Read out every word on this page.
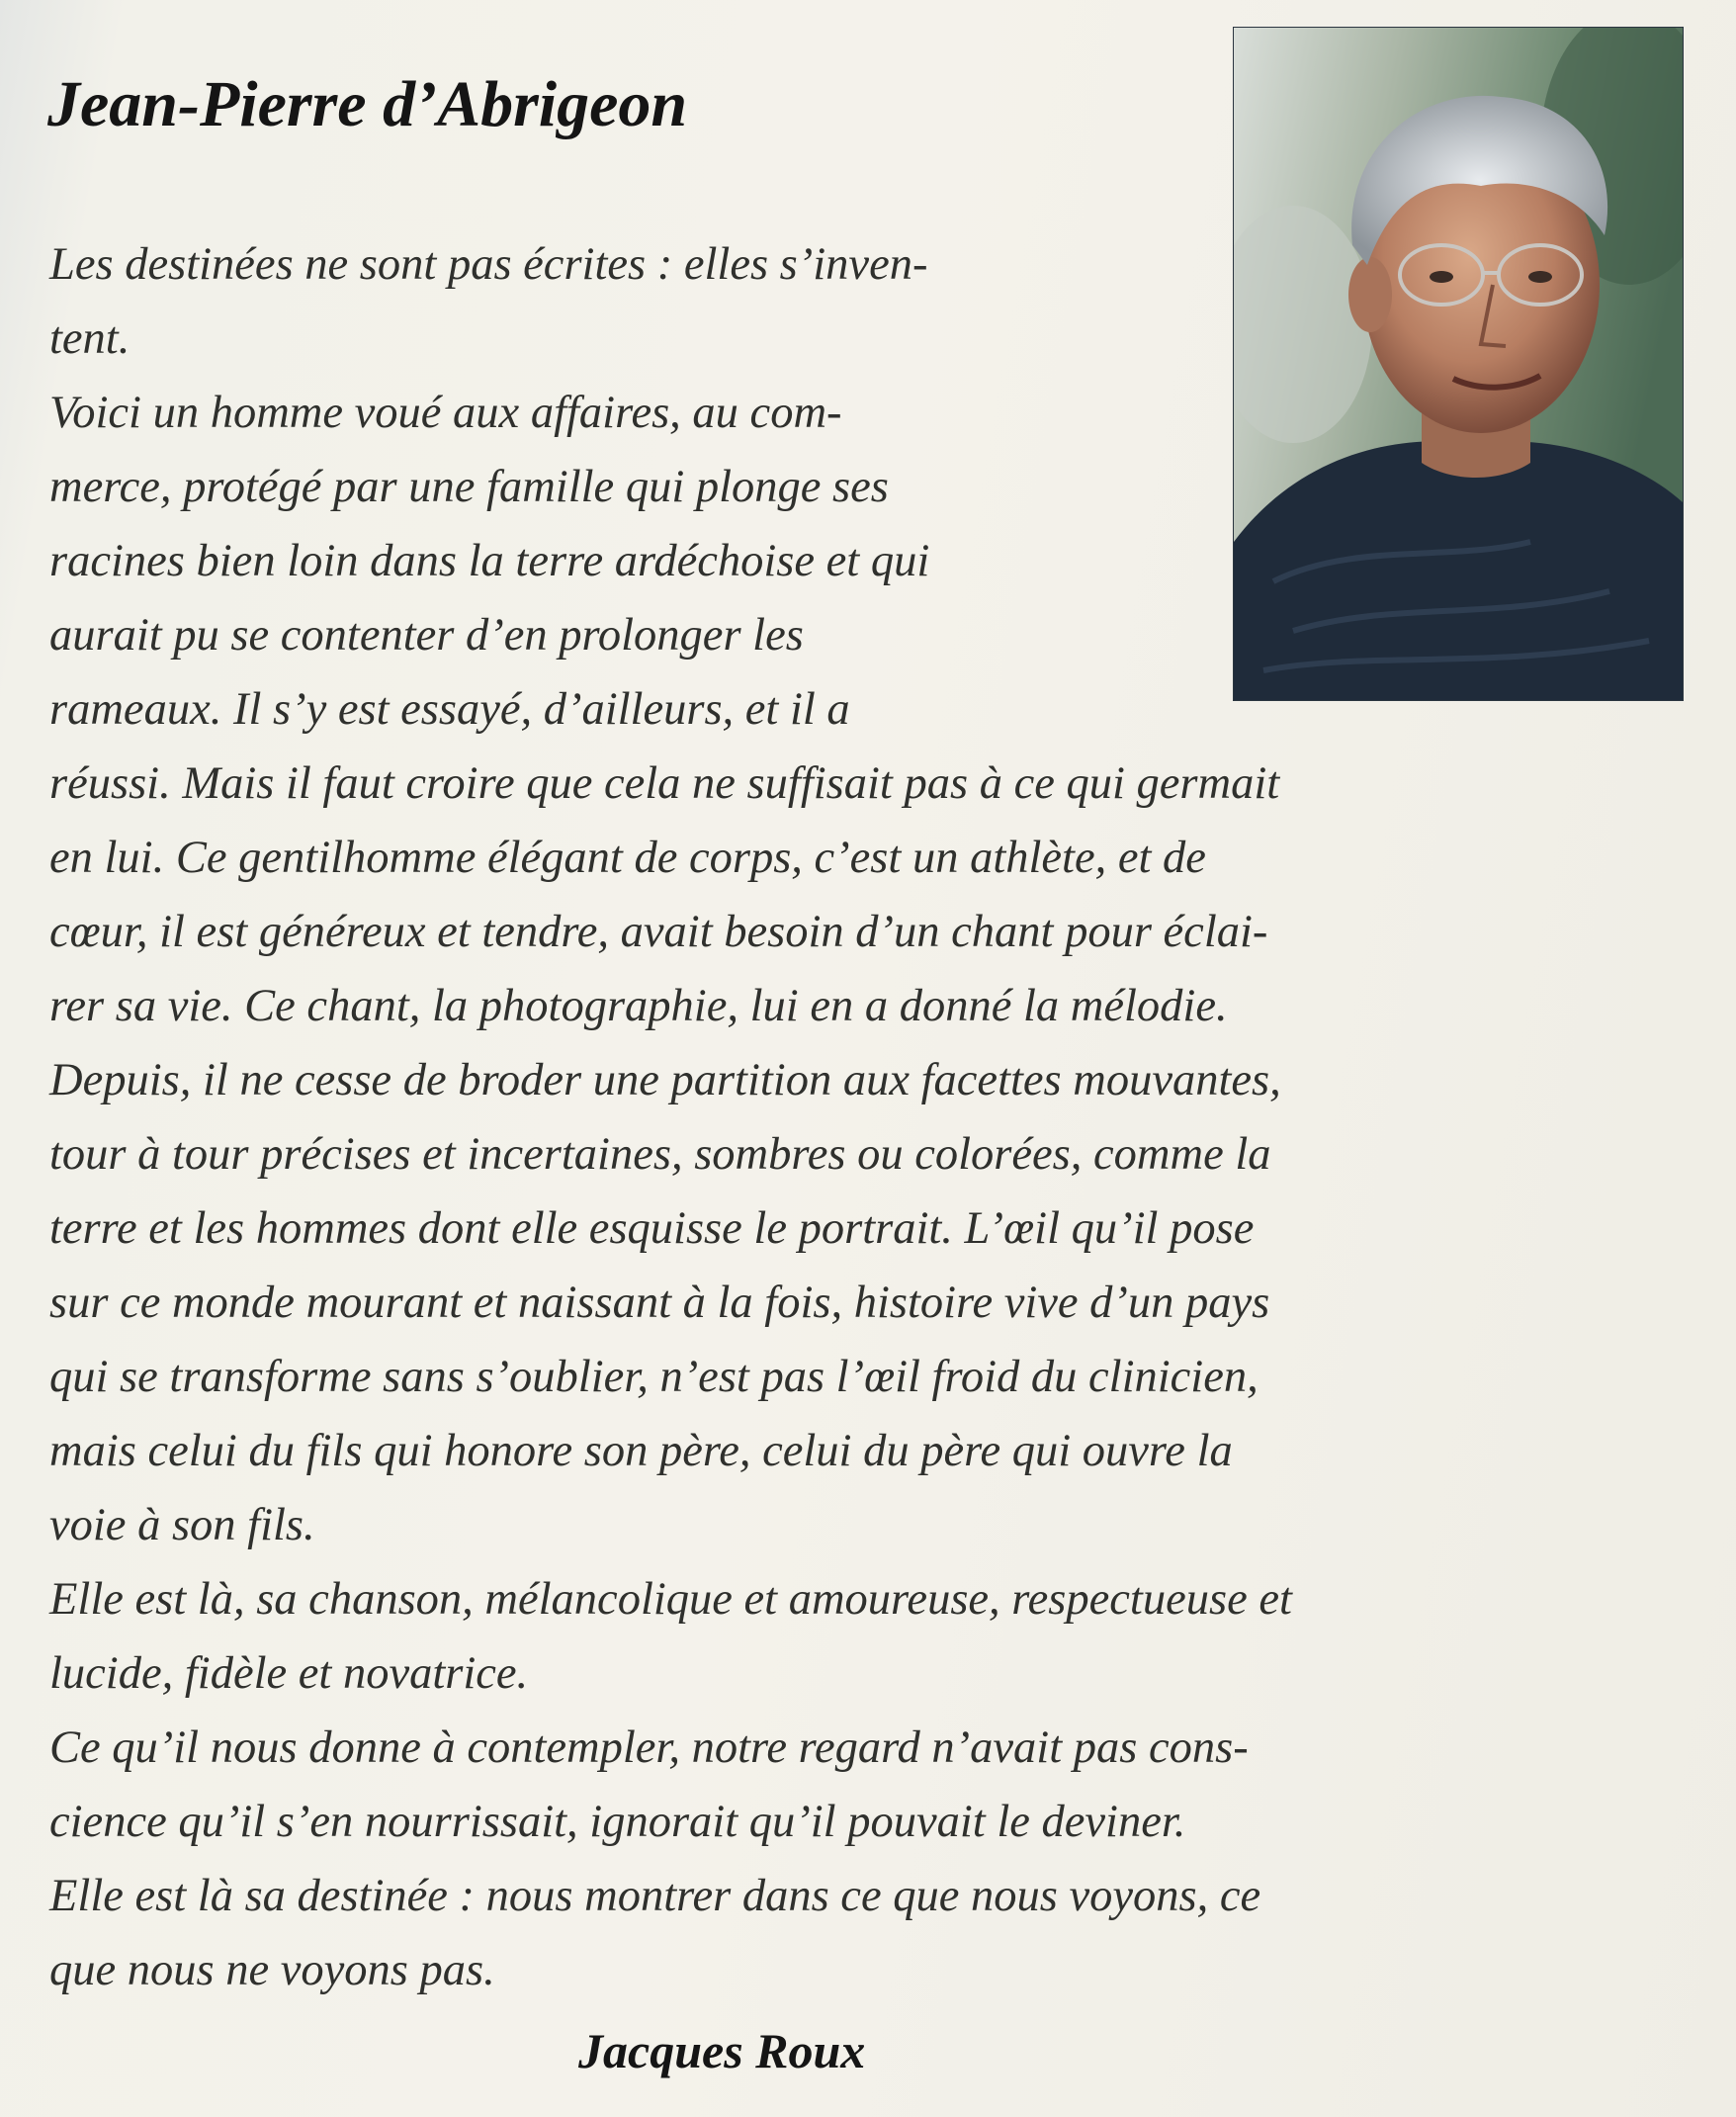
Jean-Pierre d’Abrigeon
Les destinées ne sont pas écrites : elles s’inven-
tent.
Voici un homme voué aux affaires, au com-
merce, protégé par une famille qui plonge ses
racines bien loin dans la terre ardéchoise et qui
aurait pu se contenter d’en prolonger les
rameaux. Il s’y est essayé, d’ailleurs, et il a
réussi. Mais il faut croire que cela ne suffisait pas à ce qui germait
en lui. Ce gentilhomme élégant de corps, c’est un athlète, et de
cœur, il est généreux et tendre, avait besoin d’un chant pour éclai-
rer sa vie. Ce chant, la photographie, lui en a donné la mélodie.
Depuis, il ne cesse de broder une partition aux facettes mouvantes,
tour à tour précises et incertaines, sombres ou colorées, comme la
terre et les hommes dont elle esquisse le portrait. L’œil qu’il pose
sur ce monde mourant et naissant à la fois, histoire vive d’un pays
qui se transforme sans s’oublier, n’est pas l’œil froid du clinicien,
mais celui du fils qui honore son père, celui du père qui ouvre la
voie à son fils.
Elle est là, sa chanson, mélancolique et amoureuse, respectueuse et
lucide, fidèle et novatrice.
Ce qu’il nous donne à contempler, notre regard n’avait pas cons-
cience qu’il s’en nourrissait, ignorait qu’il pouvait le deviner.
Elle est là sa destinée : nous montrer dans ce que nous voyons, ce
que nous ne voyons pas.

Jacques Roux
